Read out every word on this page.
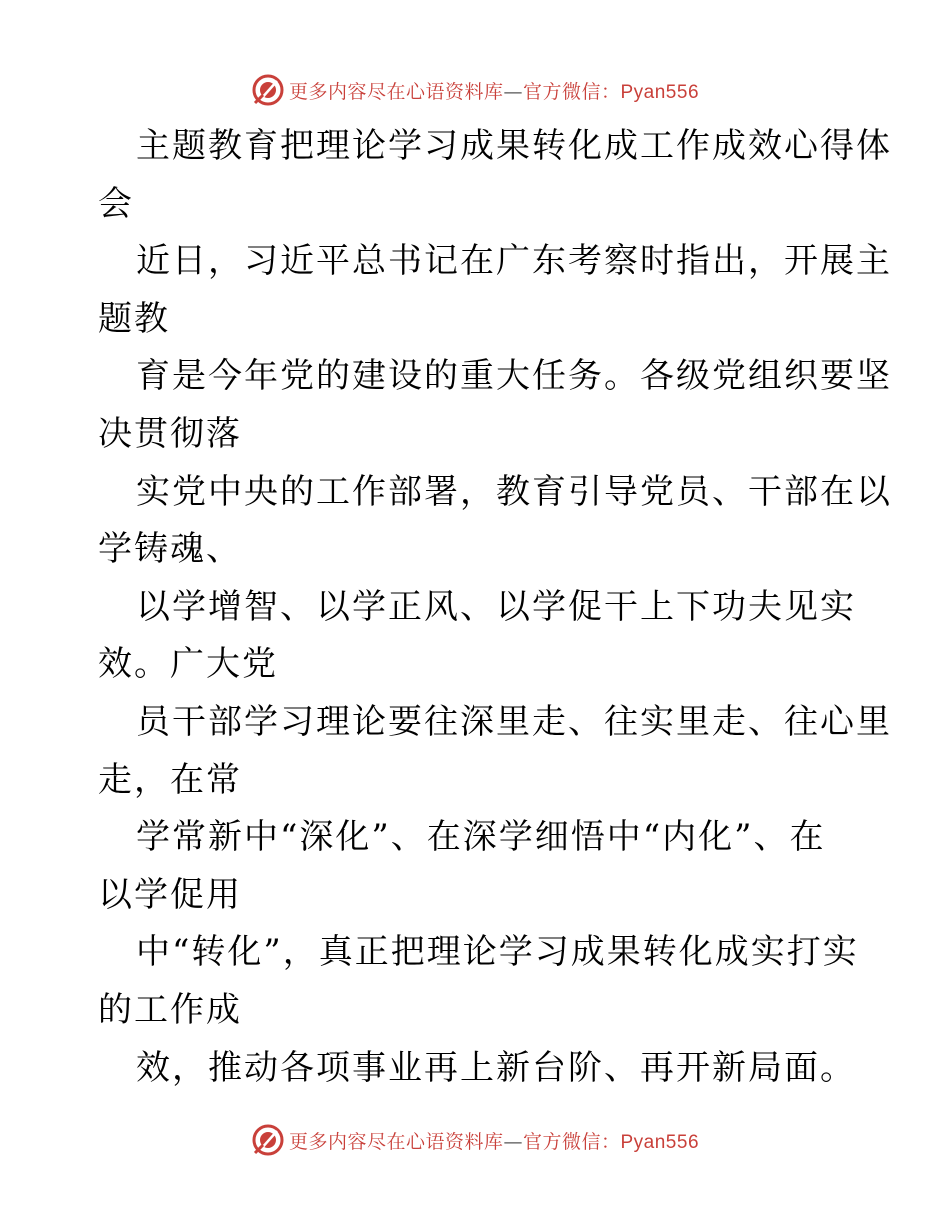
更多内容尽在心语资料库—官方微信：Pyan556
主题教育把理论学习成果转化成工作成效心得体
会
近日，习近平总书记在广东考察时指出，开展主
题教
育是今年党的建设的重大任务。各级党组织要坚
决贯彻落
实党中央的工作部署，教育引导党员、干部在以
学铸魂、
以学增智、以学正风、以学促干上下功夫见实
效。广大党
员干部学习理论要往深里走、往实里走、往心里
走，在常
学常新中“深化”、在深学细悟中“内化”、在
以学促用
中“转化”，真正把理论学习成果转化成实打实
的工作成
效，推动各项事业再上新台阶、再开新局面。
更多内容尽在心语资料库—官方微信：Pyan556
